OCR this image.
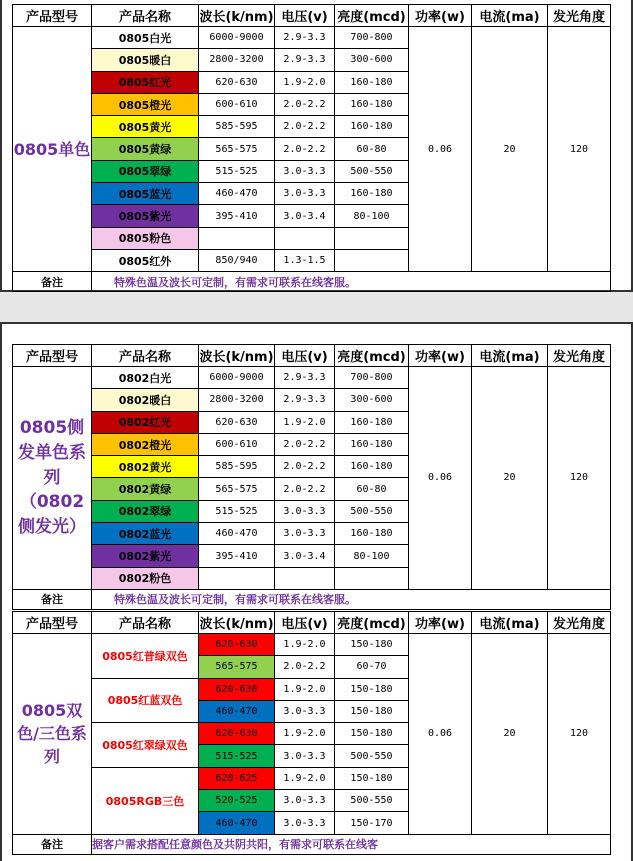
产品型号	产品名称	波长(k/nm)	电压(v)	亮度(mcd)	功率(w)	电流(ma)	发光角度
0805单色	0805白光	6000-9000	2.9-3.3	700-800	0.06	20	120
	0805暖白	2800-3200	2.9-3.3	300-600			
	0805红光	620-630	1.9-2.0	160-180			
	0805橙光	600-610	2.0-2.2	160-180			
	0805黄光	585-595	2.0-2.2	160-180			
	0805黄绿	565-575	2.0-2.2	60-80			
	0805翠绿	515-525	3.0-3.3	500-550			
	0805蓝光	460-470	3.0-3.3	160-180			
	0805紫光	395-410	3.0-3.4	80-100			
	0805粉色						
	0805红外	850/940	1.3-1.5				
备注	特殊色温及波长可定制，有需求可联系在线客服。						
产品型号	产品名称	波长(k/nm)	电压(v)	亮度(mcd)	功率(w)	电流(ma)	发光角度
0805侧发单色系列（0802侧发光）	0802白光	6000-9000	2.9-3.3	700-800	0.06	20	120
	0802暖白	2800-3200	2.9-3.3	300-600			
	0802红光	620-630	1.9-2.0	160-180			
	0802橙光	600-610	2.0-2.2	160-180			
	0802黄光	585-595	2.0-2.2	160-180			
	0802黄绿	565-575	2.0-2.2	60-80			
	0802翠绿	515-525	3.0-3.3	500-550			
	0802蓝光	460-470	3.0-3.3	160-180			
	0802紫光	395-410	3.0-3.4	80-100			
	0802粉色						
备注	特殊色温及波长可定制，有需求可联系在线客服。						
产品型号	产品名称	波长(k/nm)	电压(v)	亮度(mcd)	功率(w)	电流(ma)	发光角度
0805双色/三色系列	0805红普绿双色	620-630	1.9-2.0	150-180	0.06	20	120
		565-575	2.0-2.2	60-70			
	0805红蓝双色	620-630	1.9-2.0	150-180			
		460-470	3.0-3.3	150-180			
	0805红翠绿双色	620-630	1.9-2.0	150-180			
		515-525	3.0-3.3	500-550			
	0805RGB三色	620-625	1.9-2.0	150-180			
		520-525	3.0-3.3	500-550			
		460-470	3.0-3.3	150-170			
备注	据客户需求搭配任意颜色及共阴共阳，有需求可联系在线客						
